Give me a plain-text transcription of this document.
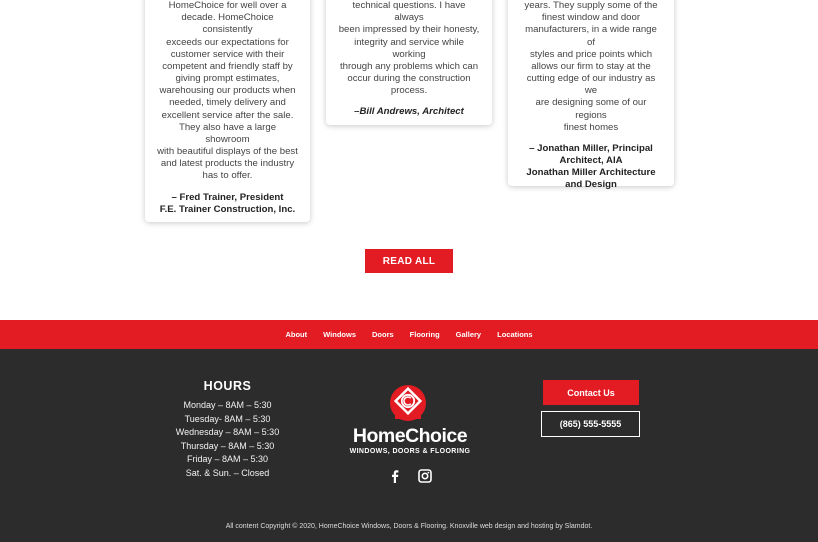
HomeChoice for well over a
decade. HomeChoice consistently
exceeds our expectations for
customer service with their
competent and friendly staff by
giving prompt estimates,
warehousing our products when
needed, timely delivery and
excellent service after the sale.
They also have a large showroom
with beautiful displays of the best
and latest products the industry
has to offer.
– Fred Trainer, President
F.E. Trainer Construction, Inc.
technical questions. I have always
been impressed by their honesty,
integrity and service while working
through any problems which can
occur during the construction
process.
–Bill Andrews, Architect
years. They supply some of the
finest window and door
manufacturers, in a wide range of
styles and price points which
allows our firm to stay at the
cutting edge of our industry as we
are designing some of our regions
finest homes
– Jonathan Miller, Principal
Architect, AIA
Jonathan Miller Architecture
and Design
READ ALL
About Windows Doors Flooring Gallery Locations
HOURS
Monday – 8AM – 5:30
Tuesday- 8AM – 5:30
Wednesday – 8AM – 5:30
Thursday – 8AM – 5:30
Friday – 8AM – 5:30
Sat. & Sun. – Closed
HomeChoice
WINDOWS, DOORS & FLOORING
Contact Us
(865) 555-5555
All content Copyright © 2020, HomeChoice Windows, Doors & Flooring. Knoxville web design and hosting by Slamdot.
